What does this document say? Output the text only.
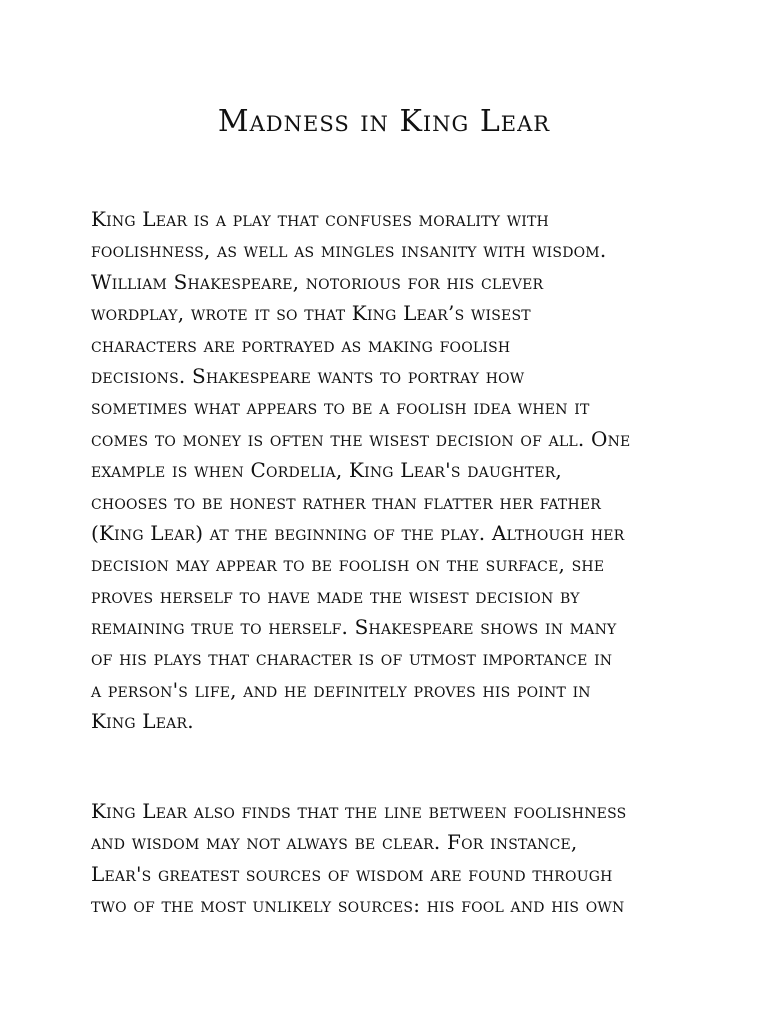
Madness in King Lear

King Lear is a play that confuses morality with
foolishness, as well as mingles insanity with wisdom.
William Shakespeare, notorious for his clever
wordplay, wrote it so that King Lear’s wisest
characters are portrayed as making foolish
decisions. Shakespeare wants to portray how
sometimes what appears to be a foolish idea when it
comes to money is often the wisest decision of all. One
example is when Cordelia, King Lear's daughter,
chooses to be honest rather than flatter her father
(King Lear) at the beginning of the play. Although her
decision may appear to be foolish on the surface, she
proves herself to have made the wisest decision by
remaining true to herself. Shakespeare shows in many
of his plays that character is of utmost importance in
a person's life, and he definitely proves his point in
King Lear.

King Lear also finds that the line between foolishness
and wisdom may not always be clear. For instance,
Lear's greatest sources of wisdom are found through
two of the most unlikely sources: his fool and his own
